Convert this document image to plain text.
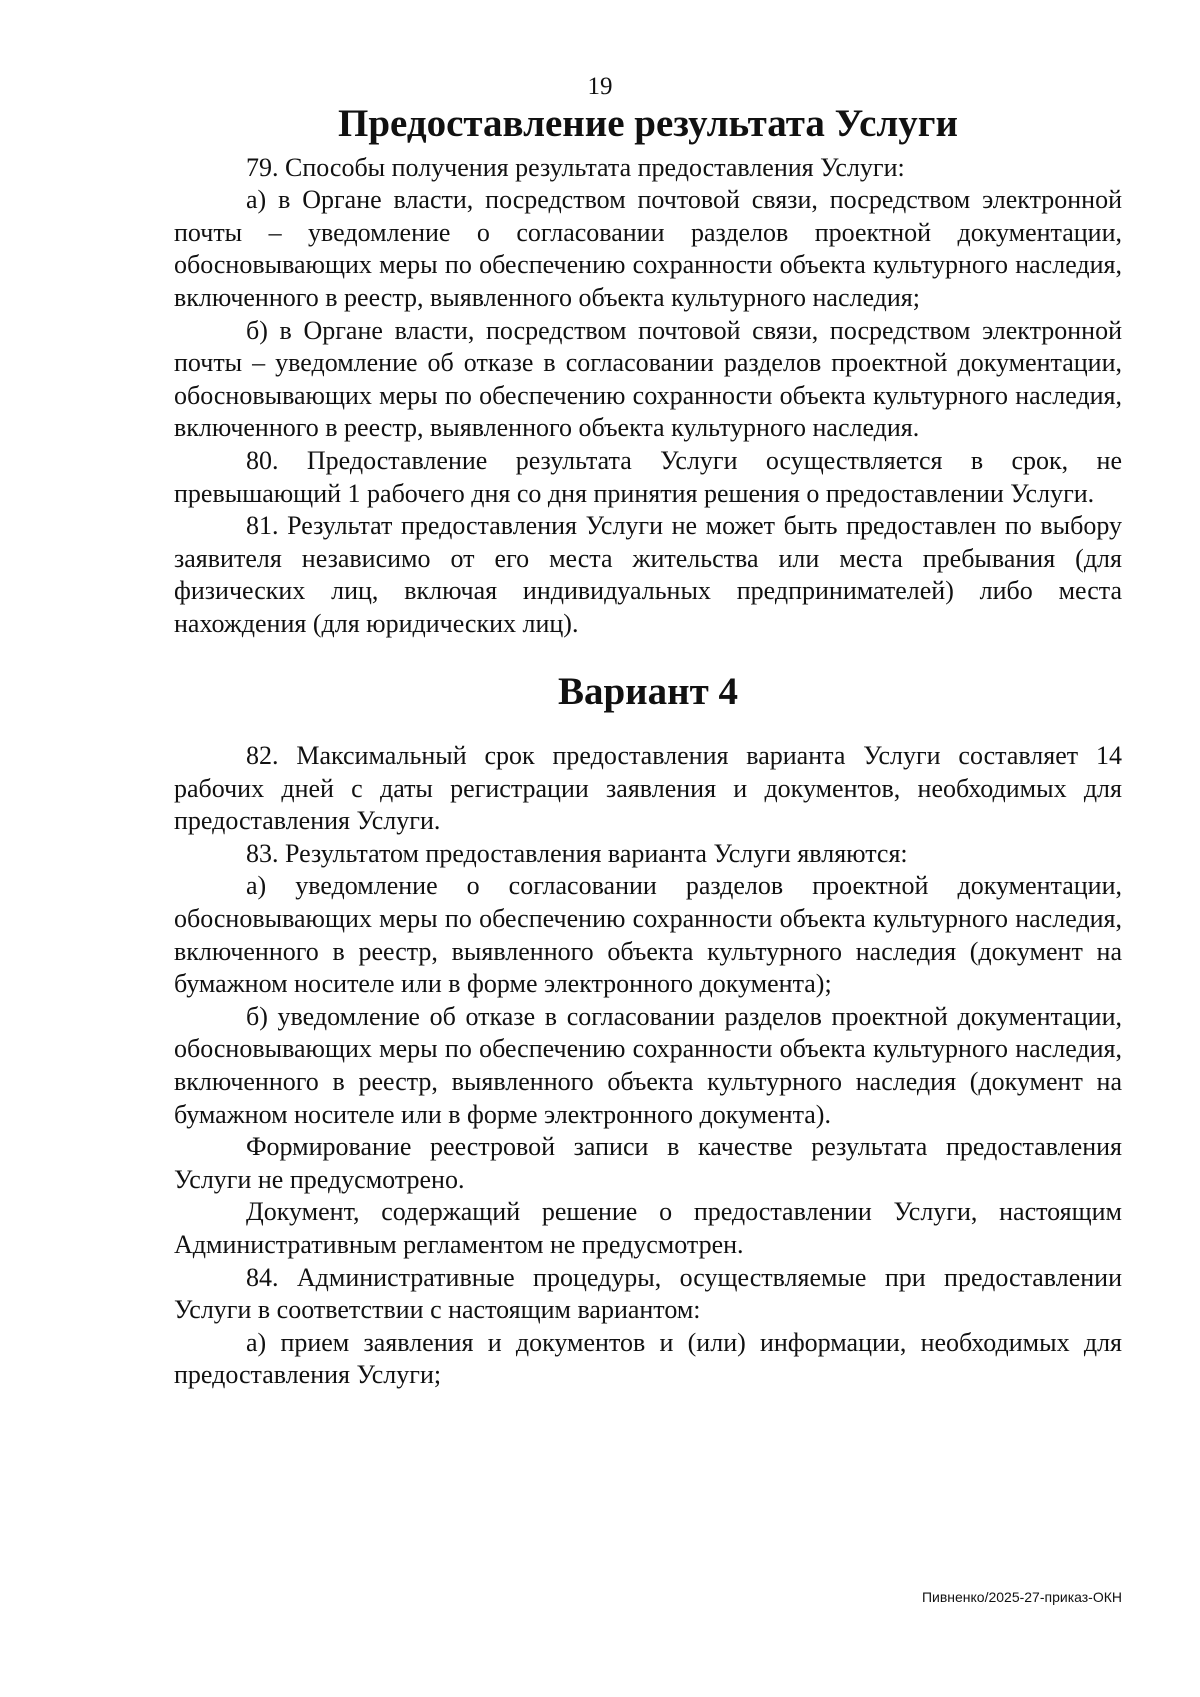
19
Предоставление результата Услуги

79. Способы получения результата предоставления Услуги:

а) в Органе власти, посредством почтовой связи, посредством электронной почты – уведомление о согласовании разделов проектной документации, обосновывающих меры по обеспечению сохранности объекта культурного наследия, включенного в реестр, выявленного объекта культурного наследия;

б) в Органе власти, посредством почтовой связи, посредством электронной почты – уведомление об отказе в согласовании разделов проектной документации, обосновывающих меры по обеспечению сохранности объекта культурного наследия, включенного в реестр, выявленного объекта культурного наследия.

80. Предоставление результата Услуги осуществляется в срок, не превышающий 1 рабочего дня со дня принятия решения о предоставлении Услуги.

81. Результат предоставления Услуги не может быть предоставлен по выбору заявителя независимо от его места жительства или места пребывания (для физических лиц, включая индивидуальных предпринимателей) либо места нахождения (для юридических лиц).

Вариант 4

82. Максимальный срок предоставления варианта Услуги составляет 14 рабочих дней с даты регистрации заявления и документов, необходимых для предоставления Услуги.

83. Результатом предоставления варианта Услуги являются:

а) уведомление о согласовании разделов проектной документации, обосновывающих меры по обеспечению сохранности объекта культурного наследия, включенного в реестр, выявленного объекта культурного наследия (документ на бумажном носителе или в форме электронного документа);

б) уведомление об отказе в согласовании разделов проектной документации, обосновывающих меры по обеспечению сохранности объекта культурного наследия, включенного в реестр, выявленного объекта культурного наследия (документ на бумажном носителе или в форме электронного документа).

Формирование реестровой записи в качестве результата предоставления Услуги не предусмотрено.

Документ, содержащий решение о предоставлении Услуги, настоящим Административным регламентом не предусмотрен.

84. Административные процедуры, осуществляемые при предоставлении Услуги в соответствии с настоящим вариантом:

а) прием заявления и документов и (или) информации, необходимых для предоставления Услуги;

Пивненко/2025-27-приказ-ОКН
